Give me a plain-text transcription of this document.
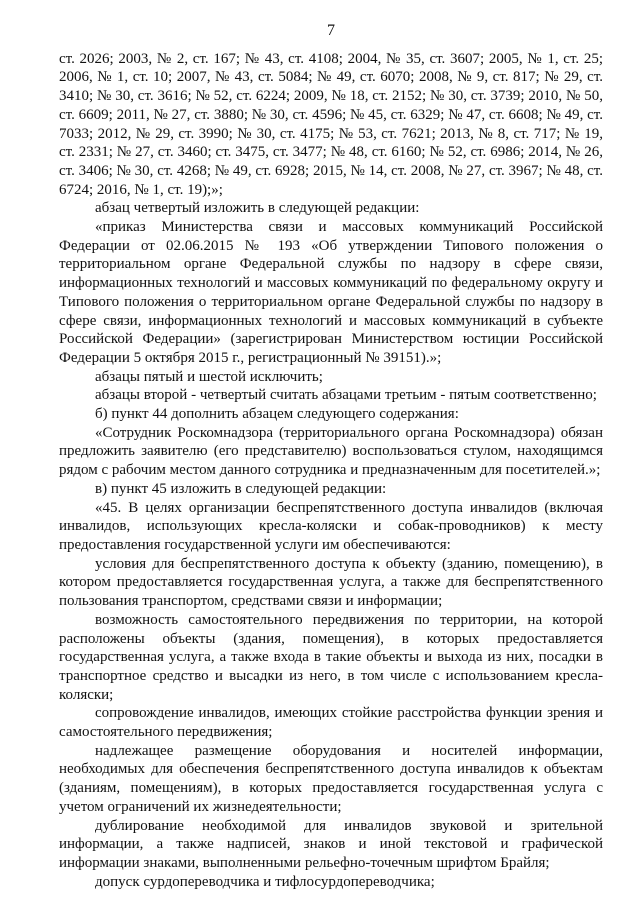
7

ст. 2026; 2003, № 2, ст. 167; № 43, ст. 4108; 2004, № 35, ст. 3607; 2005, № 1, ст. 25; 2006, № 1, ст. 10; 2007, № 43, ст. 5084; № 49, ст. 6070; 2008, № 9, ст. 817; № 29, ст. 3410; № 30, ст. 3616; № 52, ст. 6224; 2009, № 18, ст. 2152; № 30, ст. 3739; 2010, № 50, ст. 6609; 2011, № 27, ст. 3880; № 30, ст. 4596; № 45, ст. 6329; № 47, ст. 6608; № 49, ст. 7033; 2012, № 29, ст. 3990; № 30, ст. 4175; № 53, ст. 7621; 2013, № 8, ст. 717; № 19, ст. 2331; № 27, ст. 3460; ст. 3475, ст. 3477; № 48, ст. 6160; № 52, ст. 6986; 2014, № 26, ст. 3406; № 30, ст. 4268; № 49, ст. 6928; 2015, № 14, ст. 2008, № 27, ст. 3967; № 48, ст. 6724; 2016, № 1, ст. 19);»;

абзац четвертый изложить в следующей редакции:

«приказ Министерства связи и массовых коммуникаций Российской Федерации от 02.06.2015 № 193 «Об утверждении Типового положения о территориальном органе Федеральной службы по надзору в сфере связи, информационных технологий и массовых коммуникаций по федеральному округу и Типового положения о территориальном органе Федеральной службы по надзору в сфере связи, информационных технологий и массовых коммуникаций в субъекте Российской Федерации» (зарегистрирован Министерством юстиции Российской Федерации 5 октября 2015 г., регистрационный № 39151).»;

абзацы пятый и шестой исключить;

абзацы второй - четвертый считать абзацами третьим - пятым соответственно;

б) пункт 44 дополнить абзацем следующего содержания:

«Сотрудник Роскомнадзора (территориального органа Роскомнадзора) обязан предложить заявителю (его представителю) воспользоваться стулом, находящимся рядом с рабочим местом данного сотрудника и предназначенным для посетителей.»;

в) пункт 45 изложить в следующей редакции:

«45. В целях организации беспрепятственного доступа инвалидов (включая инвалидов, использующих кресла-коляски и собак-проводников) к месту предоставления государственной услуги им обеспечиваются:

условия для беспрепятственного доступа к объекту (зданию, помещению), в котором предоставляется государственная услуга, а также для беспрепятственного пользования транспортом, средствами связи и информации;

возможность самостоятельного передвижения по территории, на которой расположены объекты (здания, помещения), в которых предоставляется государственная услуга, а также входа в такие объекты и выхода из них, посадки в транспортное средство и высадки из него, в том числе с использованием кресла-коляски;

сопровождение инвалидов, имеющих стойкие расстройства функции зрения и самостоятельного передвижения;

надлежащее размещение оборудования и носителей информации, необходимых для обеспечения беспрепятственного доступа инвалидов к объектам (зданиям, помещениям), в которых предоставляется государственная услуга с учетом ограничений их жизнедеятельности;

дублирование необходимой для инвалидов звуковой и зрительной информации, а также надписей, знаков и иной текстовой и графической информации знаками, выполненными рельефно-точечным шрифтом Брайля;

допуск сурдопереводчика и тифлосурдопереводчика;
